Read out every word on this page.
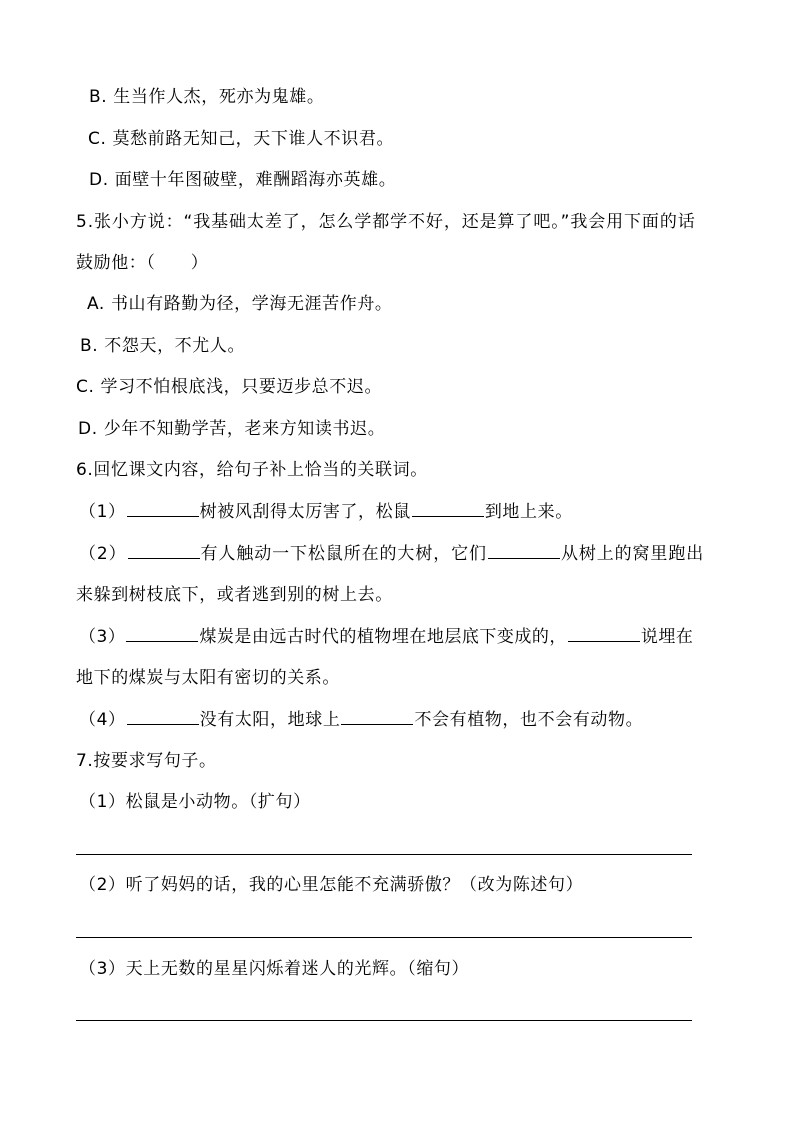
B. 生当作人杰，死亦为鬼雄。
C. 莫愁前路无知己，天下谁人不识君。
D. 面壁十年图破壁，难酬蹈海亦英雄。
5.张小方说：“我基础太差了，怎么学都学不好，还是算了吧。”我会用下面的话
鼓励他：（　　）
A. 书山有路勤为径，学海无涯苦作舟。
B. 不怨天，不尤人。
C. 学习不怕根底浅，只要迈步总不迟。
D. 少年不知勤学苦，老来方知读书迟。
6.回忆课文内容，给句子补上恰当的关联词。
（1）	树被风刮得太厉害了，松鼠	到地上来。
（2）	有人触动一下松鼠所在的大树，它们	从树上的窝里跑出
来躲到树枝底下，或者逃到别的树上去。
（3）	煤炭是由远古时代的植物埋在地层底下变成的，	说埋在
地下的煤炭与太阳有密切的关系。
（4）	没有太阳，地球上	不会有植物，也不会有动物。
7.按要求写句子。
（1）松鼠是小动物。（扩句）
（2）听了妈妈的话，我的心里怎能不充满骄傲？（改为陈述句）
（3）天上无数的星星闪烁着迷人的光辉。（缩句）
